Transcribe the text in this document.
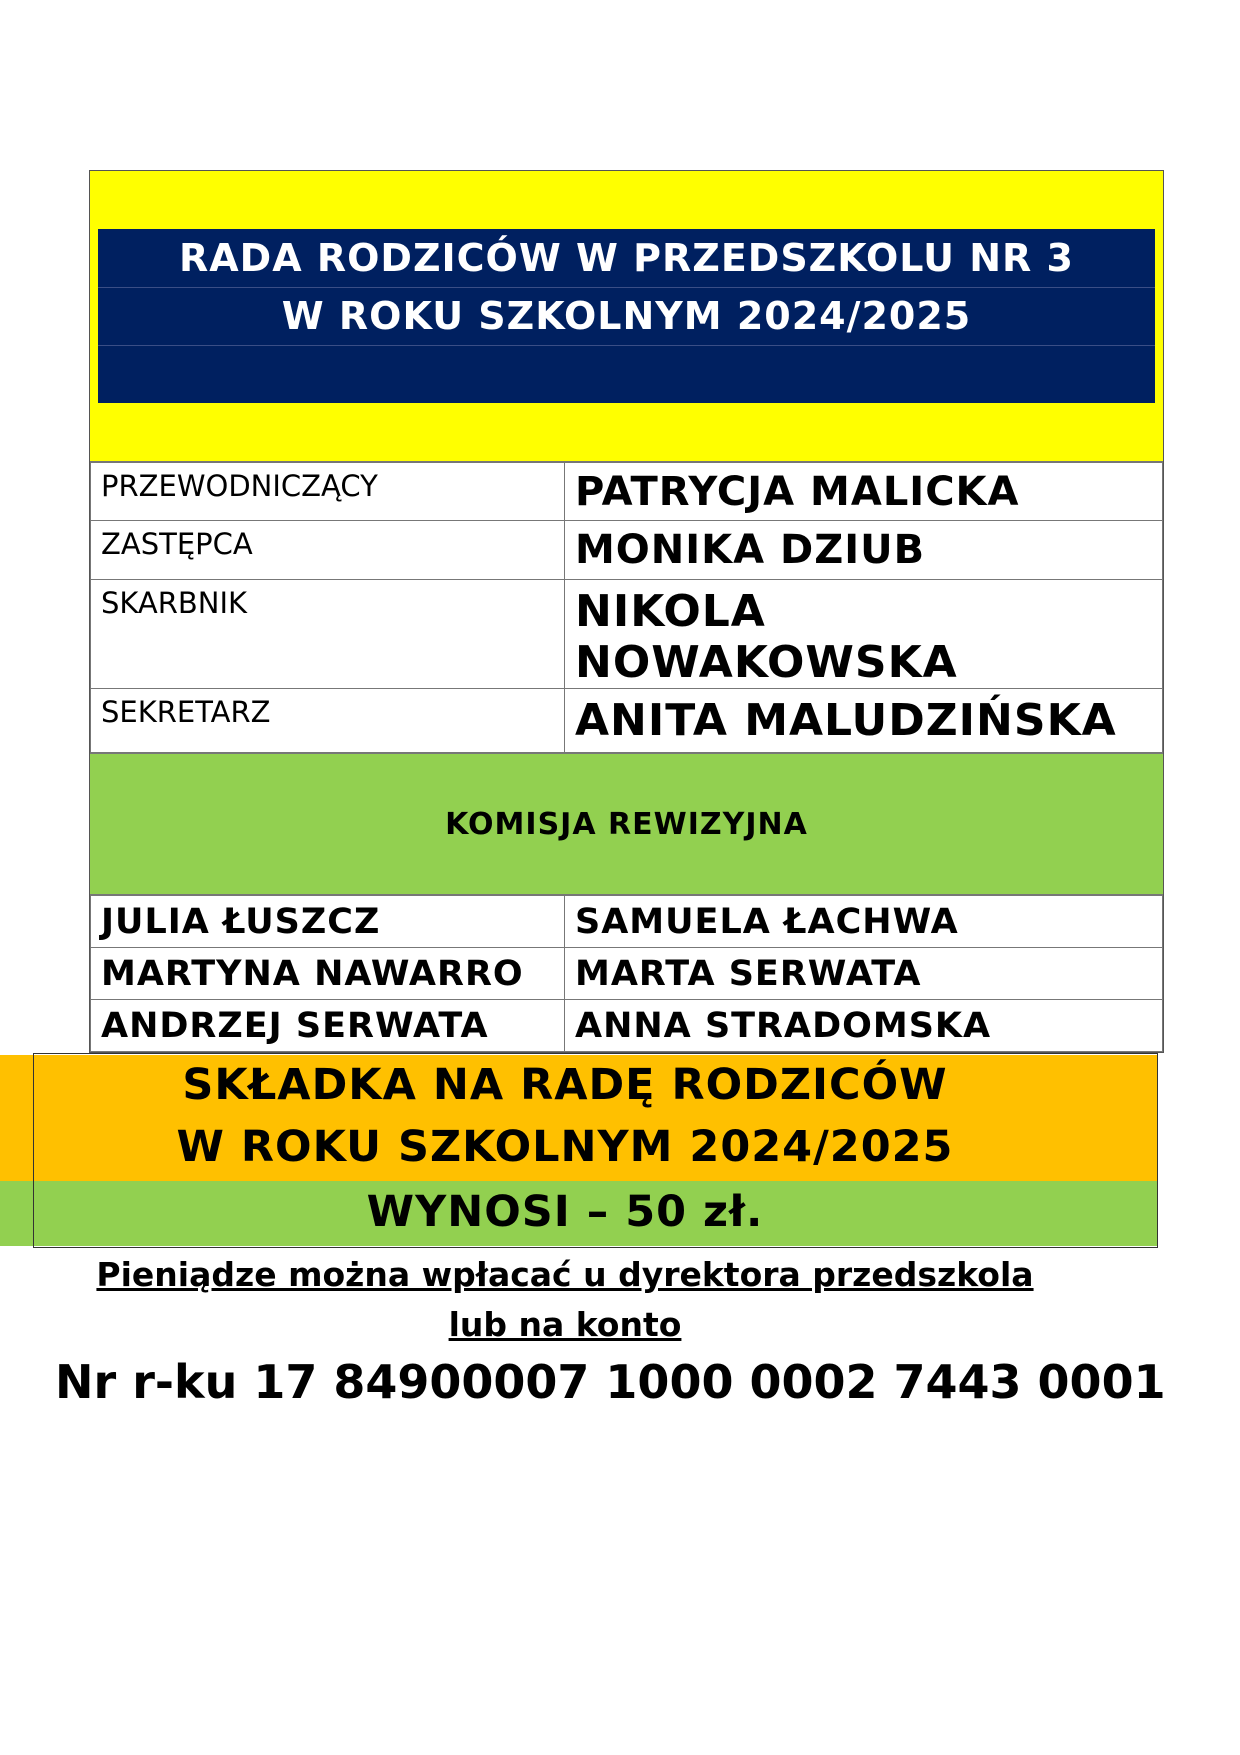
RADA RODZICÓW W PRZEDSZKOLU NR 3
W ROKU SZKOLNYM 2024/2025
PRZEWODNICZĄCY	PATRYCJA MALICKA
ZASTĘPCA	MONIKA DZIUB
SKARBNIK	NIKOLA NOWAKOWSKA
SEKRETARZ	ANITA MALUDZIŃSKA
KOMISJA REWIZYJNA
JULIA ŁUSZCZ	SAMUELA ŁACHWA
MARTYNA NAWARRO	MARTA SERWATA
ANDRZEJ SERWATA	ANNA STRADOMSKA
SKŁADKA NA RADĘ RODZICÓW
W ROKU SZKOLNYM 2024/2025
WYNOSI – 50 zł.
Pieniądze można wpłacać u dyrektora przedszkola
lub na konto
Nr r-ku 17 84900007 1000 0002 7443 0001
